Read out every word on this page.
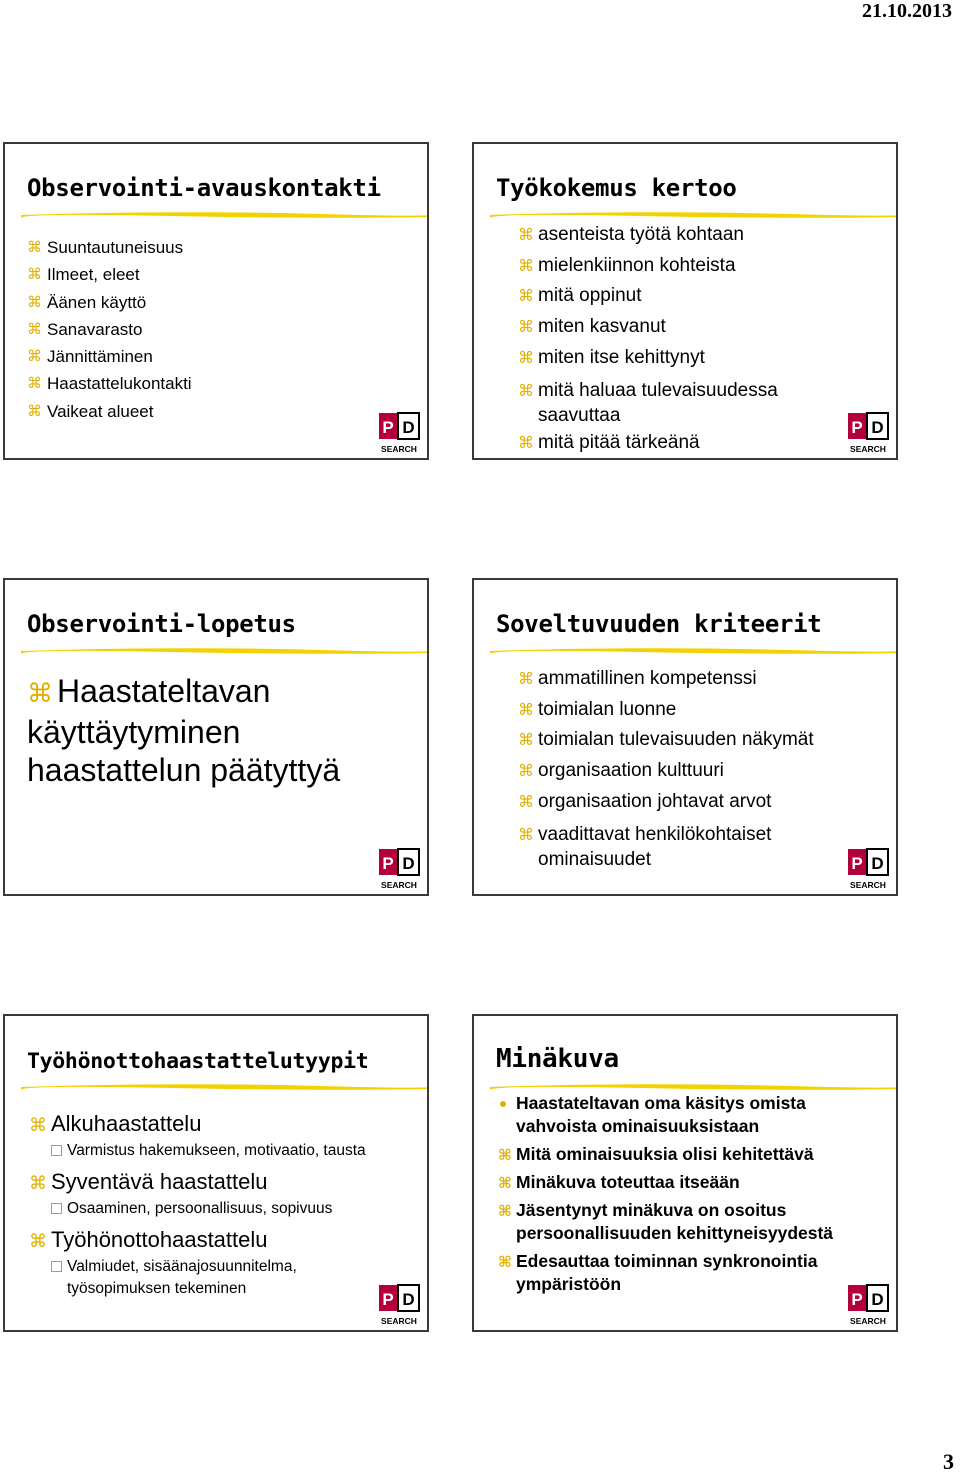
21.10.2013
Observointi-avauskontakti
⌘ Suuntautuneisuus
⌘ Ilmeet, eleet
⌘ Äänen käyttö
⌘ Sanavarasto
⌘ Jännittäminen
⌘ Haastattelukontakti
⌘ Vaikeat alueet
P D
SEARCH
Työkokemus kertoo
⌘ asenteista työtä kohtaan
⌘ mielenkiinnon kohteista
⌘ mitä oppinut
⌘ miten kasvanut
⌘ miten itse kehittynyt
⌘ mitä haluaa tulevaisuudessa saavuttaa
⌘ mitä pitää tärkeänä
P D
SEARCH
Observointi-lopetus
⌘ Haastateltavan käyttäytyminen haastattelun päätyttyä
P D
SEARCH
Soveltuvuuden kriteerit
⌘ ammatillinen kompetenssi
⌘ toimialan luonne
⌘ toimialan tulevaisuuden näkymät
⌘ organisaation kulttuuri
⌘ organisaation johtavat arvot
⌘ vaadittavat henkilökohtaiset ominaisuudet	P D
SEARCH
Työhönottohaastattelutyypit
⌘ Alkuhaastattelu
Varmistus hakemukseen, motivaatio, tausta
⌘ Syventävä haastattelu
Osaaminen, persoonallisuus, sopivuus
⌘ Työhönottohaastattelu
Valmiudet, sisäänajosuunnitelma, työsopimuksen tekeminen
P D
SEARCH
Minäkuva
Haastateltavan oma käsitys omista vahvoista ominaisuuksistaan
⌘ Mitä ominaisuuksia olisi kehitettävä
⌘ Minäkuva toteuttaa itseään
⌘ Jäsentynyt minäkuva on osoitus persoonallisuuden kehittyneisyydestä
⌘ Edesauttaa toiminnan synkronointia ympäristöön
P D
SEARCH
3
